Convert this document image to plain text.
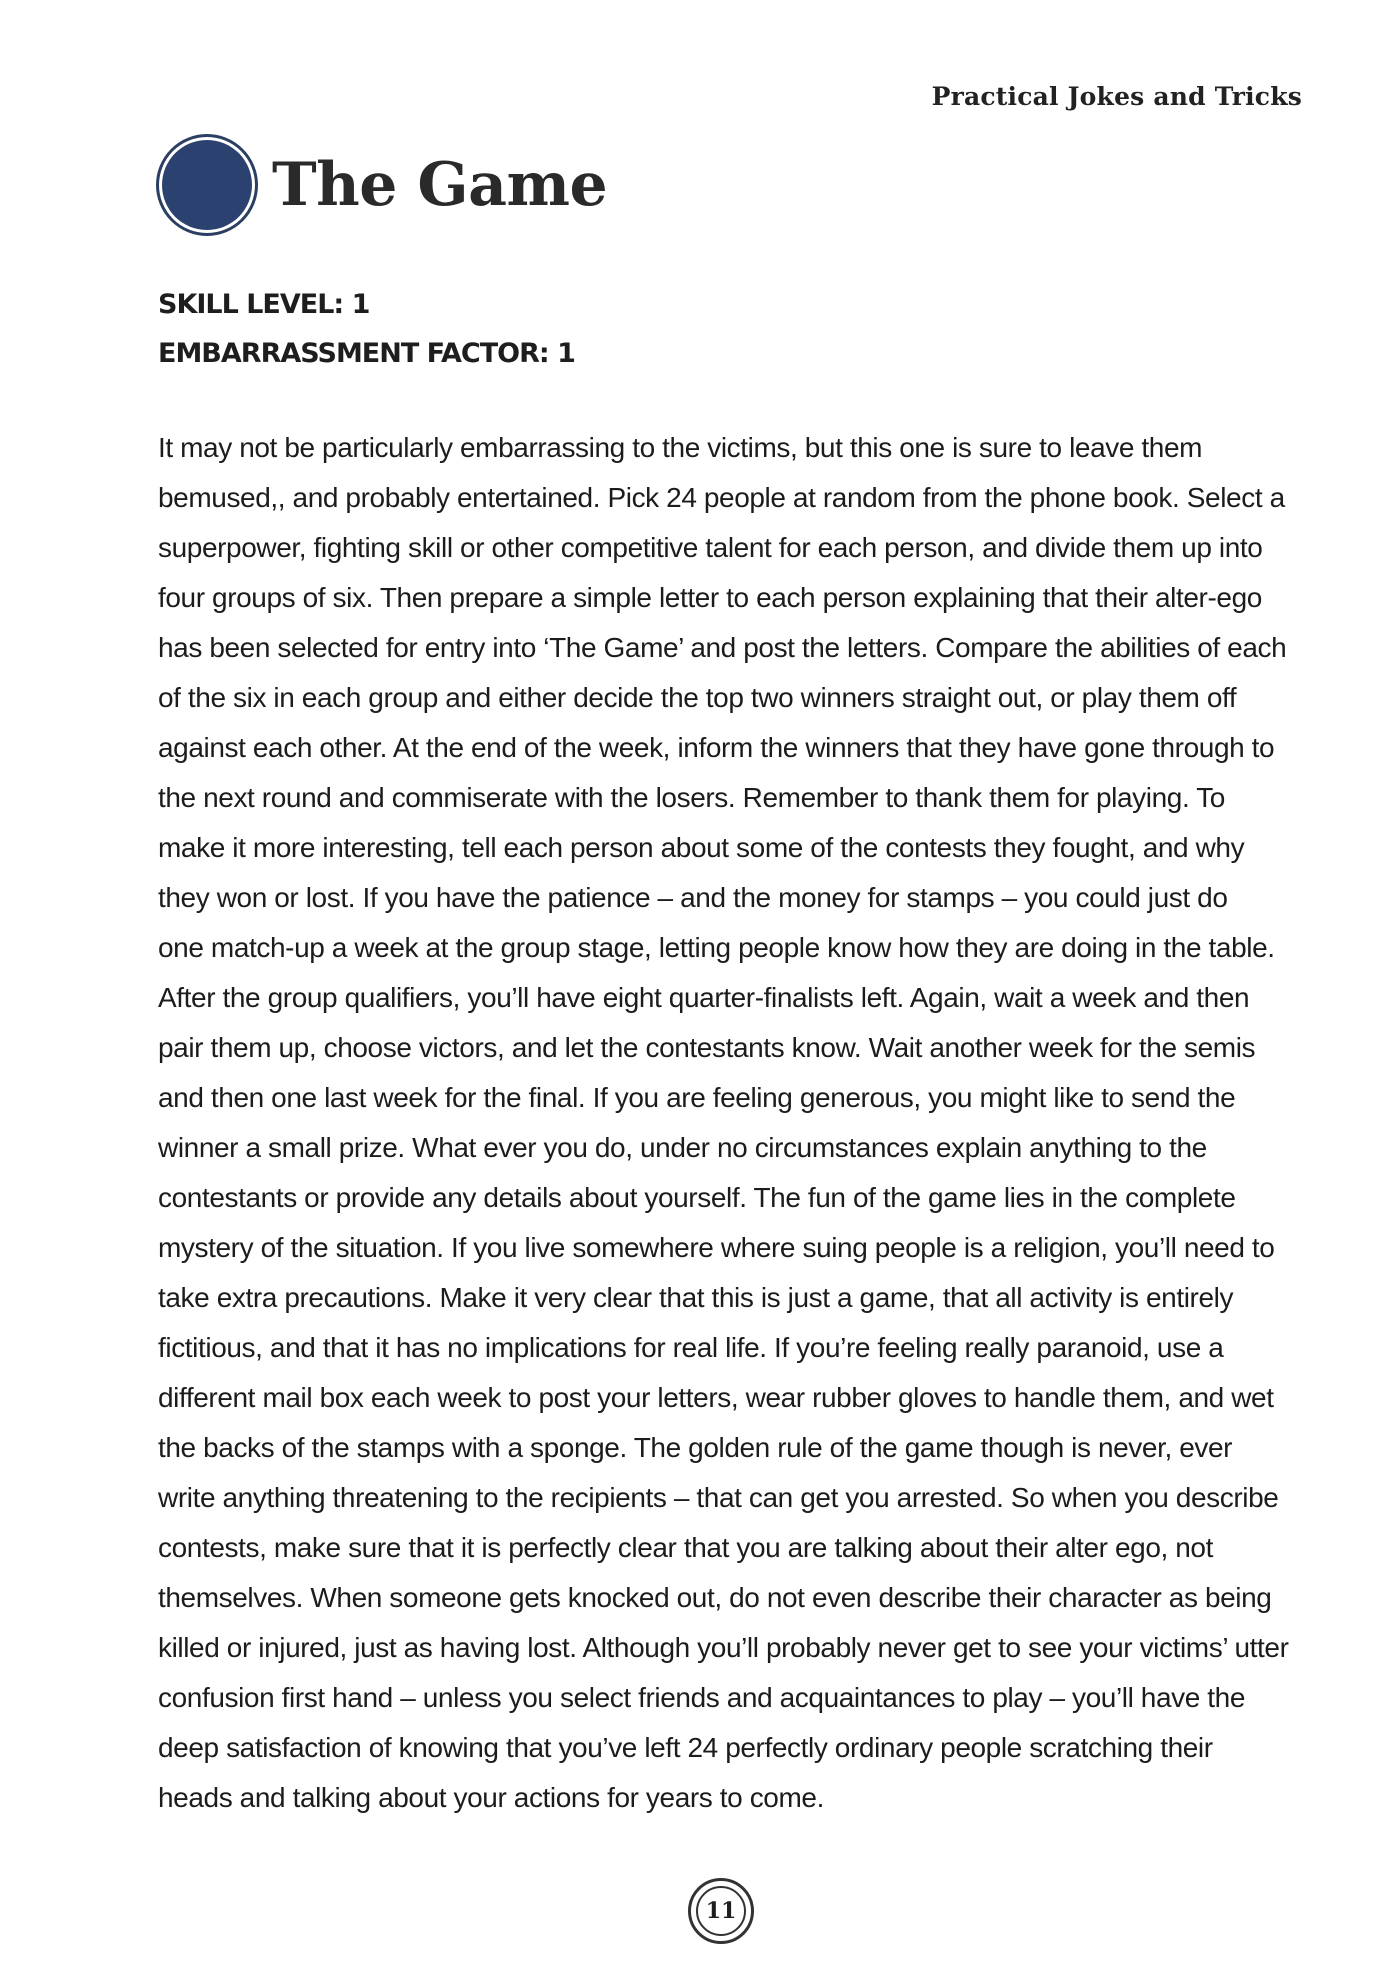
Practical Jokes and Tricks
The Game
SKILL LEVEL: 1
EMBARRASSMENT FACTOR: 1
It may not be particularly embarrassing to the victims, but this one is sure to leave them
bemused,, and probably entertained. Pick 24 people at random from the phone book. Select a
superpower, fighting skill or other competitive talent for each person, and divide them up into
four groups of six. Then prepare a simple letter to each person explaining that their alter-ego
has been selected for entry into ‘The Game’ and post the letters. Compare the abilities of each
of the six in each group and either decide the top two winners straight out, or play them off
against each other. At the end of the week, inform the winners that they have gone through to
the next round and commiserate with the losers. Remember to thank them for playing. To
make it more interesting, tell each person about some of the contests they fought, and why
they won or lost. If you have the patience – and the money for stamps – you could just do
one match-up a week at the group stage, letting people know how they are doing in the table.
After the group qualifiers, you’ll have eight quarter-finalists left. Again, wait a week and then
pair them up, choose victors, and let the contestants know. Wait another week for the semis
and then one last week for the final. If you are feeling generous, you might like to send the
winner a small prize. What ever you do, under no circumstances explain anything to the
contestants or provide any details about yourself. The fun of the game lies in the complete
mystery of the situation. If you live somewhere where suing people is a religion, you’ll need to
take extra precautions. Make it very clear that this is just a game, that all activity is entirely
fictitious, and that it has no implications for real life. If you’re feeling really paranoid, use a
different mail box each week to post your letters, wear rubber gloves to handle them, and wet
the backs of the stamps with a sponge. The golden rule of the game though is never, ever
write anything threatening to the recipients – that can get you arrested. So when you describe
contests, make sure that it is perfectly clear that you are talking about their alter ego, not
themselves. When someone gets knocked out, do not even describe their character as being
killed or injured, just as having lost. Although you’ll probably never get to see your victims’ utter
confusion first hand – unless you select friends and acquaintances to play – you’ll have the
deep satisfaction of knowing that you’ve left 24 perfectly ordinary people scratching their
heads and talking about your actions for years to come.
11
